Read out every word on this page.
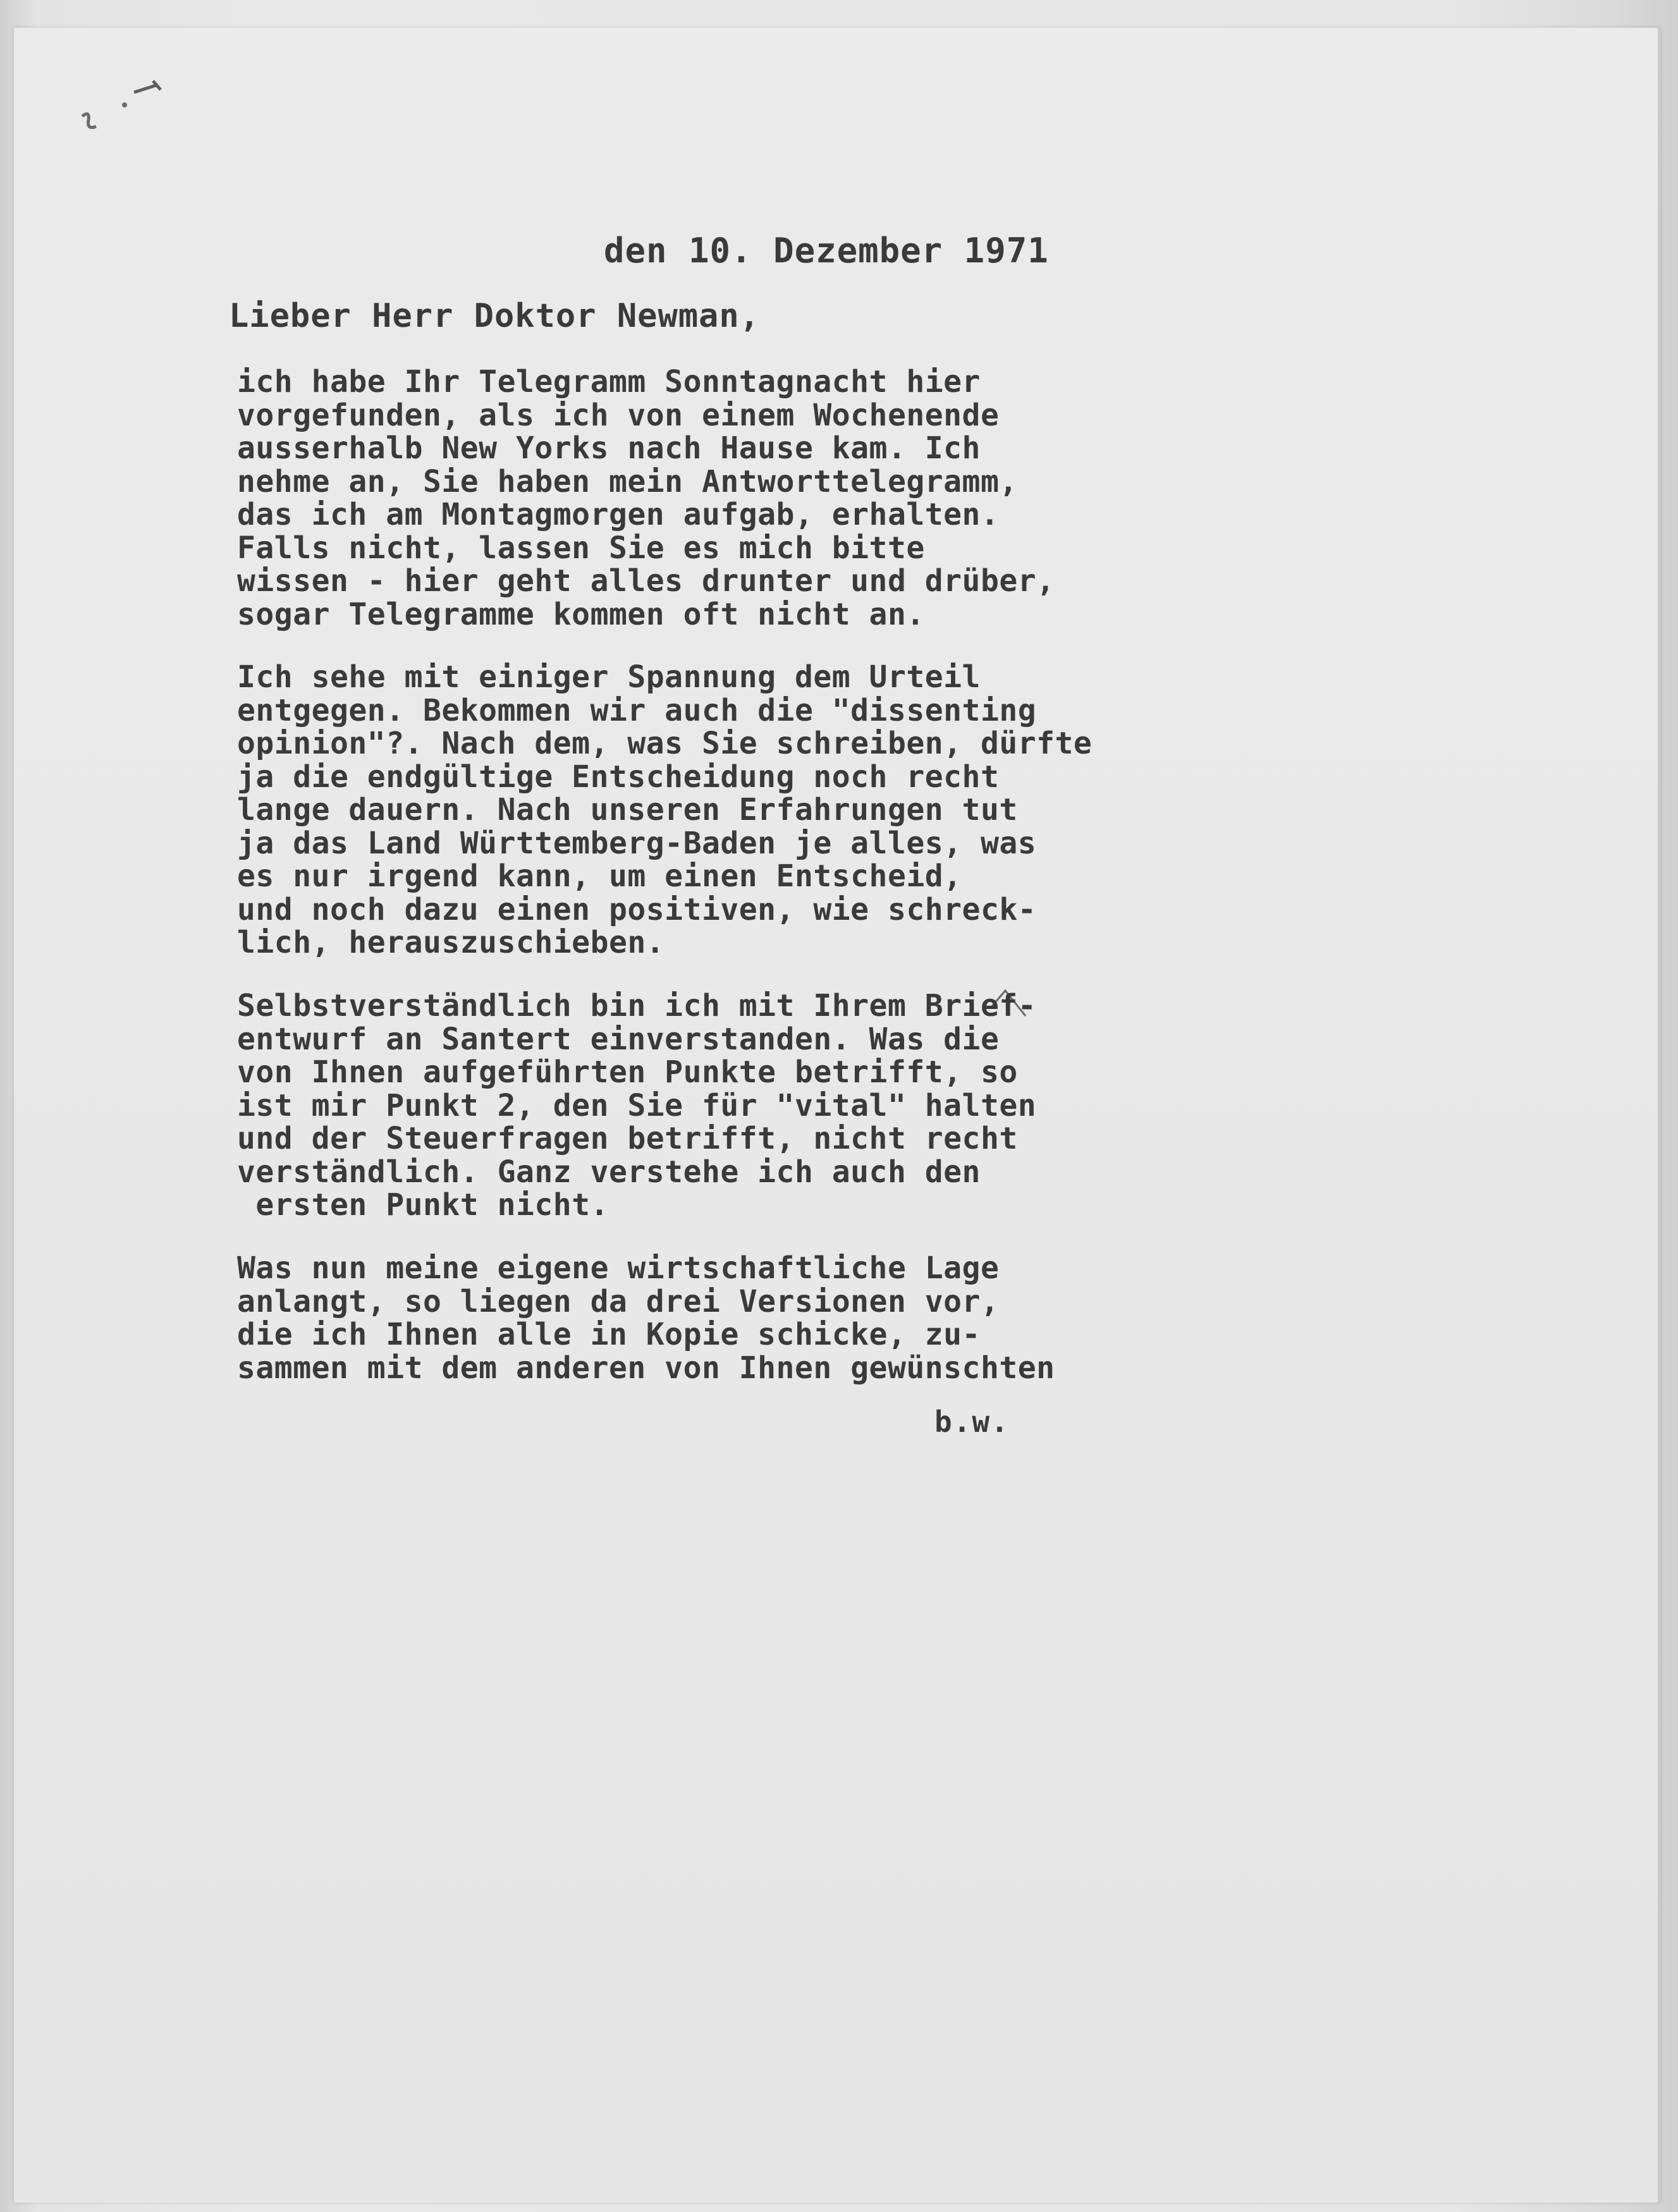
den 10. Dezember 1971
Lieber Herr Doktor Newman,
ich habe Ihr Telegramm Sonntagnacht hier
vorgefunden, als ich von einem Wochenende
ausserhalb New Yorks nach Hause kam. Ich
nehme an, Sie haben mein Antworttelegramm,
das ich am Montagmorgen aufgab, erhalten.
Falls nicht, lassen Sie es mich bitte
wissen - hier geht alles drunter und drüber,
sogar Telegramme kommen oft nicht an.
Ich sehe mit einiger Spannung dem Urteil
entgegen. Bekommen wir auch die "dissenting
opinion"?. Nach dem, was Sie schreiben, dürfte
ja die endgültige Entscheidung noch recht
lange dauern. Nach unseren Erfahrungen tut
ja das Land Württemberg-Baden je alles, was
es nur irgend kann, um einen Entscheid,
und noch dazu einen positiven, wie schreck-
lich, herauszuschieben.
Selbstverständlich bin ich mit Ihrem Brief-
entwurf an Santert einverstanden. Was die
von Ihnen aufgeführten Punkte betrifft, so
ist mir Punkt 2, den Sie für "vital" halten
und der Steuerfragen betrifft, nicht recht
verständlich. Ganz verstehe ich auch den
ersten Punkt nicht.
Was nun meine eigene wirtschaftliche Lage
anlangt, so liegen da drei Versionen vor,
die ich Ihnen alle in Kopie schicke, zu-
sammen mit dem anderen von Ihnen gewünschten
b.w.
